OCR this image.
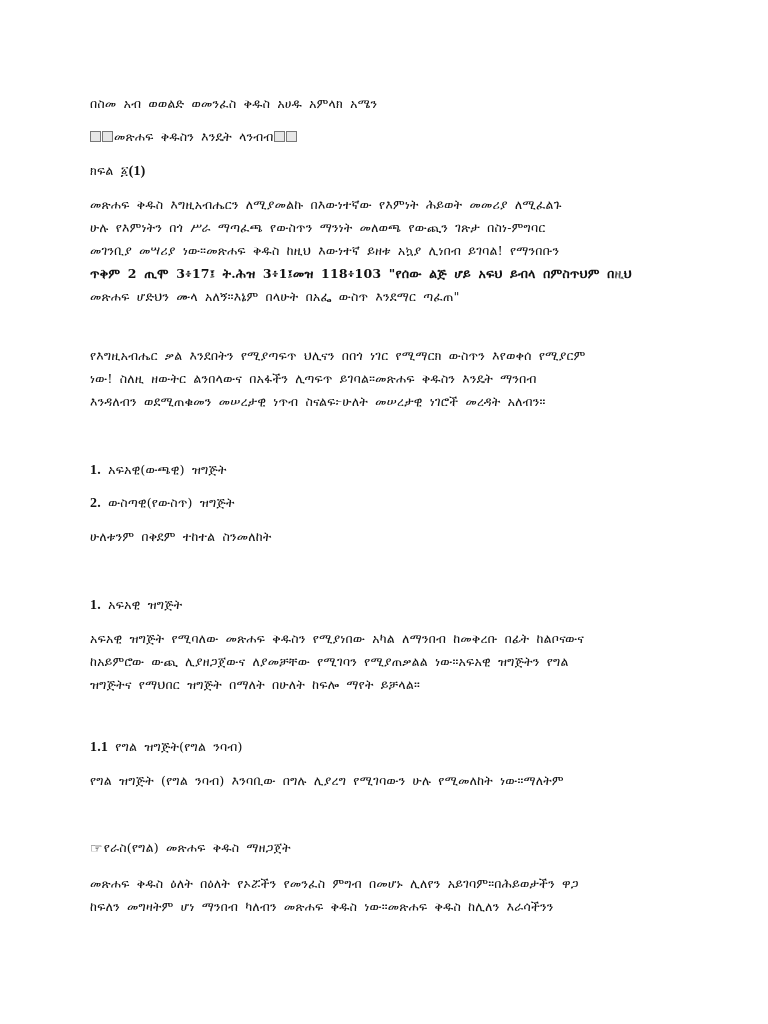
በስመ አብ ወወልድ ወመንፈስ ቅዱስ አሀዱ አምላክ አሜን

መጽሐፍ ቅዱስን እንዴት ላንብብ

ክፍል ፩(1)

መጽሐፍ ቅዱስ እግዚአብሔርን ለሚያመልኩ በእውነተኛው የእምነት ሕይወት መመሪያ ለሚፈልጉ
ሁሉ የእምነትን በጎ ሥራ ማጣፈጫ የውስጥን ማንነት መለወጫ የውጪን ገጽታ በስነ-ምግባር
መገንቢያ መሣሪያ ነው።መጽሐፍ ቅዱስ ከዚህ እውነተኛ ይዘቱ አኳያ ሊነበብ ይገባል! የማንበቡን
ጥቅም 2 ጢሞ 3፥17፤ ት.ሕዝ 3፥1፤መዝ 118፥103 "የሰው ልጅ ሆይ አፍህ ይብላ በምስጥህም በዚህ
መጽሐፍ ሆድህን ሙላ አለኝ።እኔም በላሁት በአፌ ውስጥ እንደማር ጣፈጠ"
የእግዚአብሔር ቃል እንደበትን የሚያጣፍጥ ህሊናን በበጎ ነገር የሚማርክ ውስጥን እየወቀሰ የሚያርም
ነው! ስለዚ ዘውትር ልንበላውና በአፋችን ሊጣፍጥ ይገባል።መጽሐፍ ቅዱስን እንዴት ማንበብ
እንዳለብን ወደሚጠቁመን መሠረታዊ ነጥብ ስናልፍ፦ሁለት መሠረታዊ ነገሮች መረዳት አለብን።

1. አፍአዊ(ውጫዊ) ዝግጅት

2. ውስጣዊ(የውስጥ) ዝግጅት

ሁለቱንም በቅደም ተከተል ስንመለከት

1. አፍአዊ ዝግጅት

አፍአዊ ዝግጅት የሚባለው መጽሐፍ ቅዱስን የሚያነበው አካል ለማንበብ ከመቅረቡ በፊት ከልቦናውና
ከአይምሮው ውጪ ሊያዘጋጀውና ለያመቻቸው የሚገባን የሚያጠቃልል ነው።አፍአዊ ዝግጅትን የግል
ዝግጅትና የማህበር ዝግጅት በማለት በሁለት ከፍሎ ማየት ይቻላል።

1.1 የግል ዝግጅት(የግል ንባብ)

የግል ዝግጅት (የግል ንባብ) እንባቢው በግሉ ሊያረግ የሚገባውን ሁሉ የሚመለከት ነው።ማለትም

☞የራስ(የግል) መጽሐፍ ቅዱስ ማዘጋጀት

መጽሐፍ ቅዱስ ዕለት በዕለት የኦሯችን የመንፈስ ምግብ በመሆኑ ሊለየን አይገባም።በሕይወታችን ዋጋ
ከፍለን መግዛትም ሆነ ማንበብ ካለብን መጽሐፍ ቅዱስ ነው።መጽሐፍ ቅዱስ ከሊለን እራሳችንን
